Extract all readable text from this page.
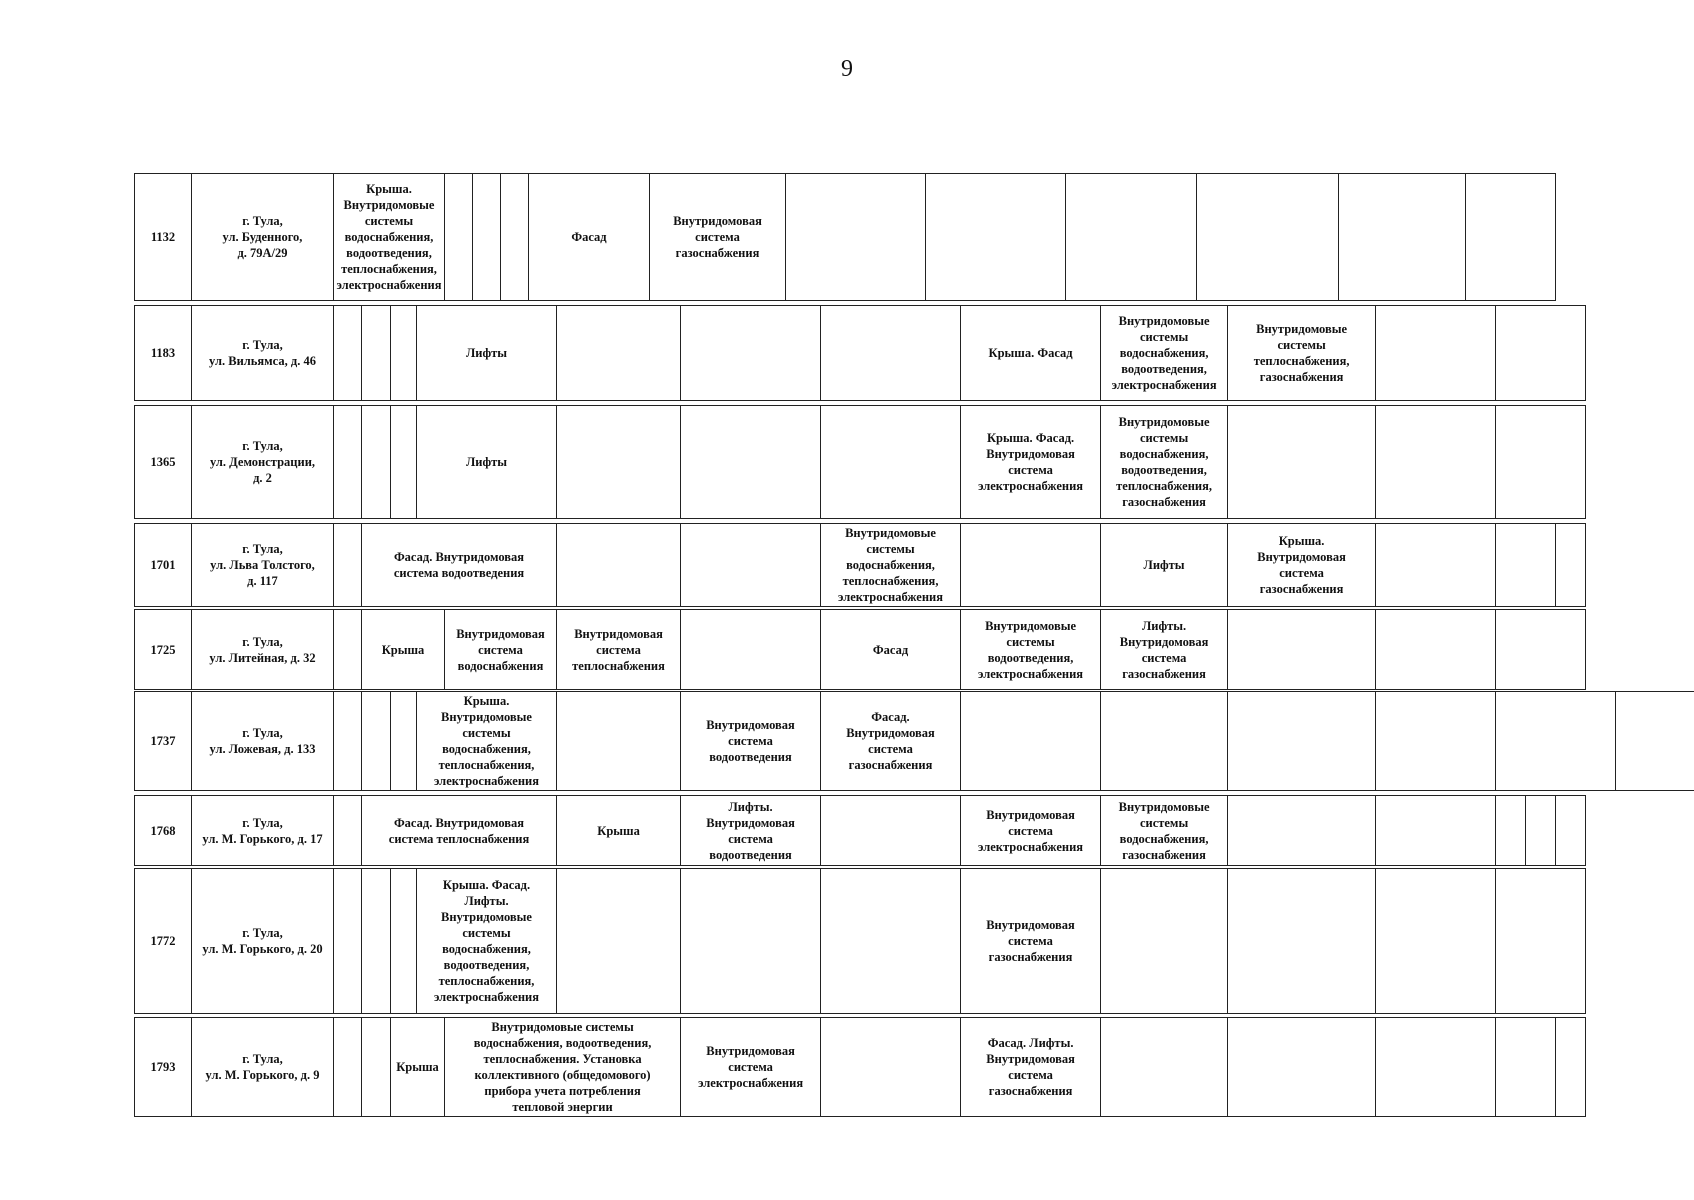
9
1132	г. Тула,
ул. Буденного,
д. 79А/29	Крыша.
Внутридомовые
системы
водоснабжения,
водоотведения,
теплоснабжения,
электроснабжения				Фасад	Внутридомовая
система
газоснабжения						
1183	г. Тула,
ул. Вильямса, д. 46				Лифты				Крыша. Фасад	Внутридомовые
системы
водоснабжения,
водоотведения,
электроснабжения	Внутридомовые
системы
теплоснабжения,
газоснабжения		
1365	г. Тула,
ул. Демонстрации,
д. 2				Лифты				Крыша. Фасад.
Внутридомовая
система
электроснабжения	Внутридомовые
системы
водоснабжения,
водоотведения,
теплоснабжения,
газоснабжения			
1701	г. Тула,
ул. Льва Толстого,
д. 117		Фасад. Внутридомовая
система водоотведения			Внутридомовые
системы
водоснабжения,
теплоснабжения,
электроснабжения		Лифты	Крыша.
Внутридомовая
система
газоснабжения			
1725	г. Тула,
ул. Литейная, д. 32		Крыша	Внутридомовая
система
водоснабжения	Внутридомовая
система
теплоснабжения		Фасад	Внутридомовые
системы
водоотведения,
электроснабжения	Лифты.
Внутридомовая
система
газоснабжения			
1737	г. Тула,
ул. Ложевая, д. 133				Крыша.
Внутридомовые
системы
водоснабжения,
теплоснабжения,
электроснабжения		Внутридомовая
система
водоотведения	Фасад.
Внутридомовая
система
газоснабжения						
1768	г. Тула,
ул. М. Горького, д. 17		Фасад. Внутридомовая
система теплоснабжения	Крыша	Лифты.
Внутридомовая
система
водоотведения		Внутридомовая
система
электроснабжения	Внутридомовые
системы
водоснабжения,
газоснабжения					
1772	г. Тула,
ул. М. Горького, д. 20				Крыша. Фасад.
Лифты.
Внутридомовые
системы
водоснабжения,
водоотведения,
теплоснабжения,
электроснабжения				Внутридомовая
система
газоснабжения				
1793	г. Тула,
ул. М. Горького, д. 9			Крыша	Внутридомовые системы
водоснабжения, водоотведения,
теплоснабжения. Установка
коллективного (общедомового)
прибора учета потребления
тепловой энергии	Внутридомовая
система
электроснабжения		Фасад. Лифты.
Внутридомовая
система
газоснабжения					
